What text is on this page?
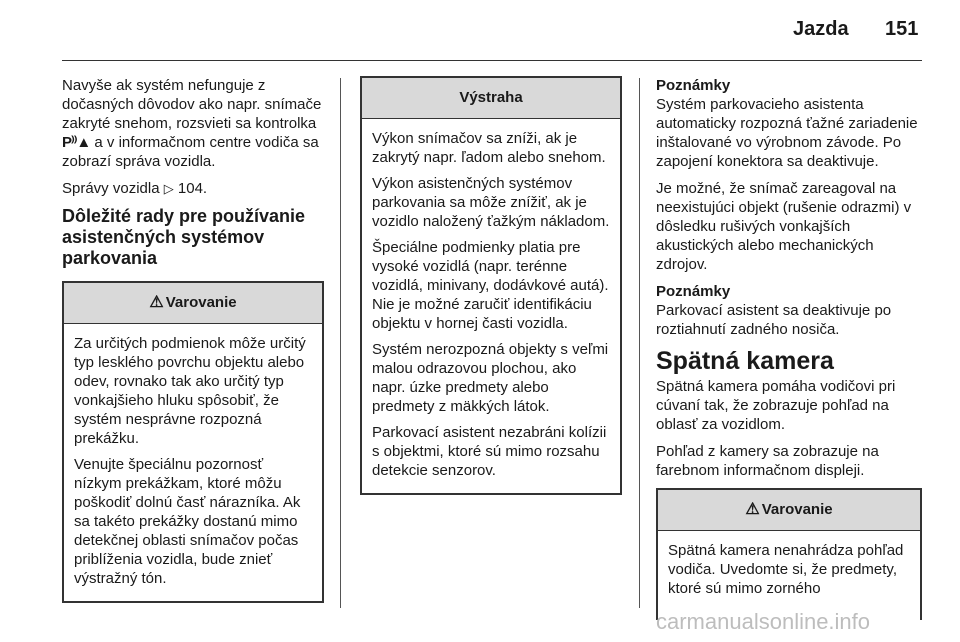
Jazda 151

Navyše ak systém nefunguje z dočasných dôvodov ako napr. snímače zakryté snehom, rozsvieti sa kontrolka P⁾⁾▲ a v informačnom centre vodiča sa zobrazí správa vozidla.

Správy vozidla ▷ 104.

Dôležité rady pre používanie asistenčných systémov parkovania
⚠ Varovanie

Za určitých podmienok môže určitý typ lesklého povrchu objektu alebo odev, rovnako tak ako určitý typ vonkajšieho hluku spôsobiť, že systém nesprávne rozpozná prekážku.

Venujte špeciálnu pozornosť nízkym prekážkam, ktoré môžu poškodiť dolnú časť nárazníka. Ak sa takéto prekážky dostanú mimo detekčnej oblasti snímačov počas priblíženia vozidla, bude znieť výstražný tón.

Výstraha

Výkon snímačov sa zníži, ak je zakrytý napr. ľadom alebo snehom.

Výkon asistenčných systémov parkovania sa môže znížiť, ak je vozidlo naložený ťažkým nákladom.

Špeciálne podmienky platia pre vysoké vozidlá (napr. terénne vozidlá, minivany, dodávkové autá). Nie je možné zaručiť identifikáciu objektu v hornej časti vozidla.

Systém nerozpozná objekty s veľmi malou odrazovou plochou, ako napr. úzke predmety alebo predmety z mäkkých látok.

Parkovací asistent nezabráni kolízii s objektmi, ktoré sú mimo rozsahu detekcie senzorov.

Poznámky

Systém parkovacieho asistenta automaticky rozpozná ťažné zariadenie inštalované vo výrobnom závode. Po zapojení konektora sa deaktivuje.

Je možné, že snímač zareagoval na neexistujúci objekt (rušenie odrazmi) v dôsledku rušivých vonkajších akustických alebo mechanických zdrojov.

Poznámky

Parkovací asistent sa deaktivuje po roztiahnutí zadného nosiča.

Spätná kamera

Spätná kamera pomáha vodičovi pri cúvaní tak, že zobrazuje pohľad na oblasť za vozidlom.

Pohľad z kamery sa zobrazuje na farebnom informačnom displeji.

⚠ Varovanie

Spätná kamera nenahrádza pohľad vodiča. Uvedomte si, že predmety, ktoré sú mimo zorného

carmanualsonline.info
